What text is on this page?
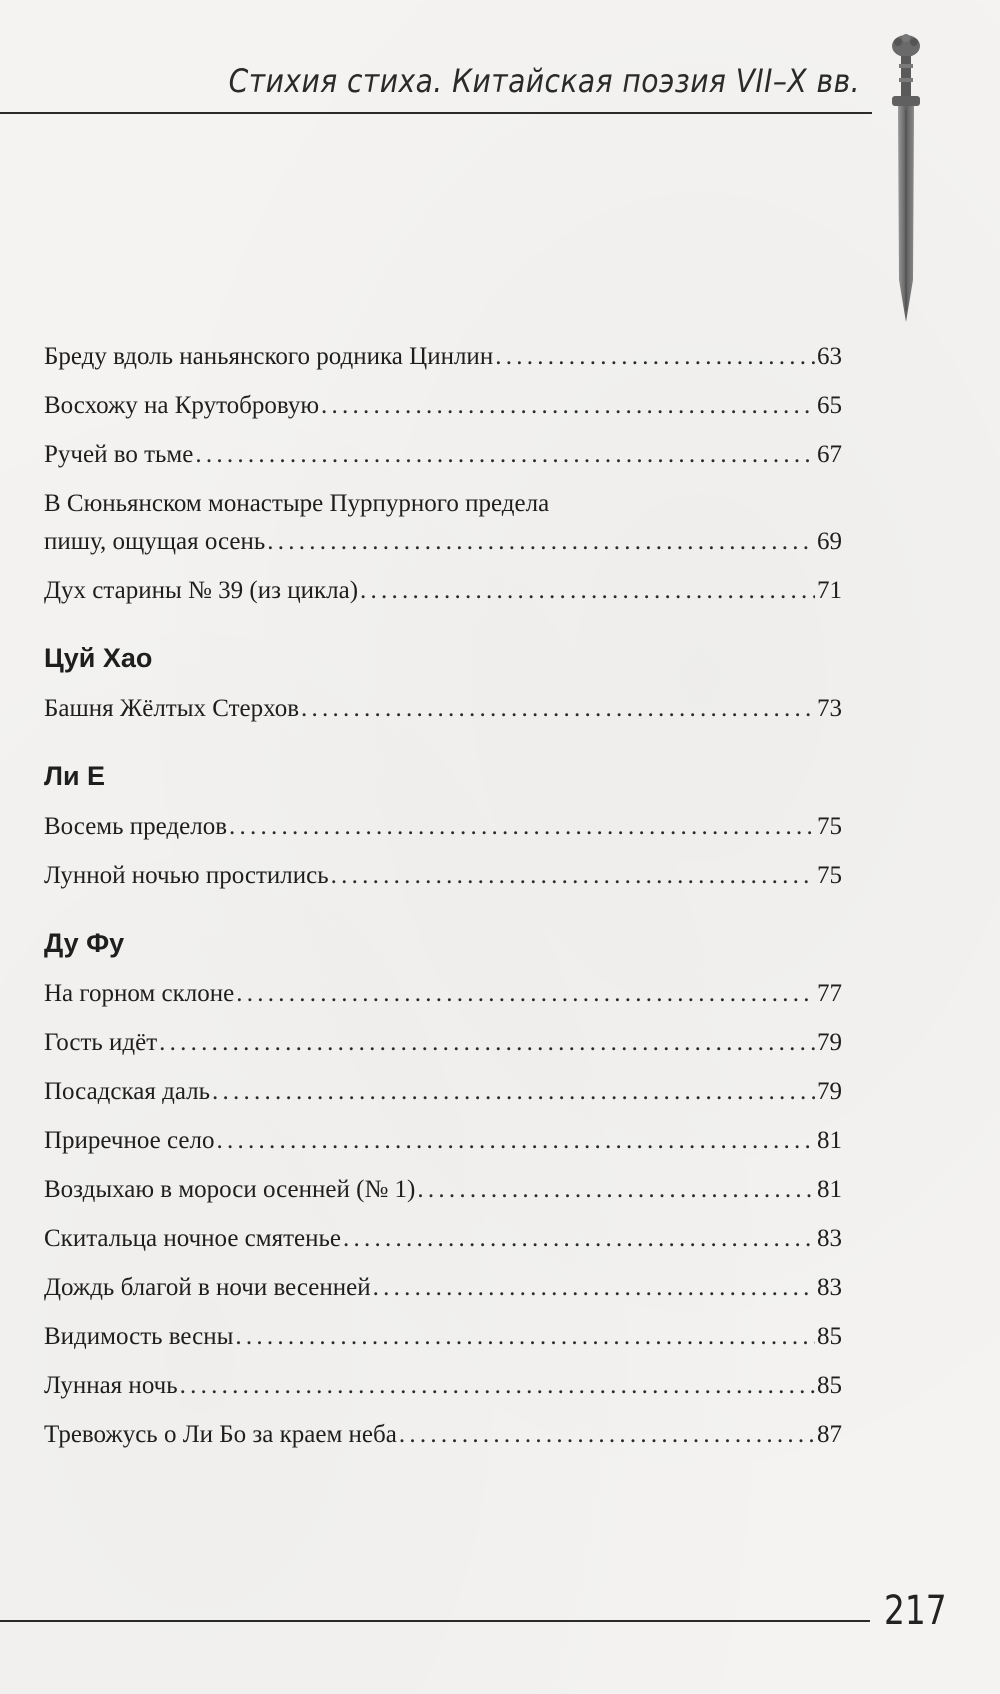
Стихия стиха. Китайская поэзия VII–X вв.
Бреду вдоль наньянского родника Цинлин . . .	63
Восхожу на Крутобровую . . .	65
Ручей во тьме . . .	67
В Сюньянском монастыре Пурпурного предела
пишу, ощущая осень . . .	69
Дух старины № 39 (из цикла) . . .	71
Цуй Хао
Башня Жёлтых Стерхов . . .	73
Ли Е
Восемь пределов . . .	75
Лунной ночью простились . . .	75
Ду Фу
На горном склоне . . .	77
Гость идёт . . .	79
Посадская даль . . .	79
Приречное село . . .	81
Воздыхаю в мороси осенней (№ 1) . . .	81
Скитальца ночное смятенье . . .	83
Дождь благой в ночи весенней . . .	83
Видимость весны . . .	85
Лунная ночь . . .	85
Тревожусь о Ли Бо за краем неба . . .	87
217
